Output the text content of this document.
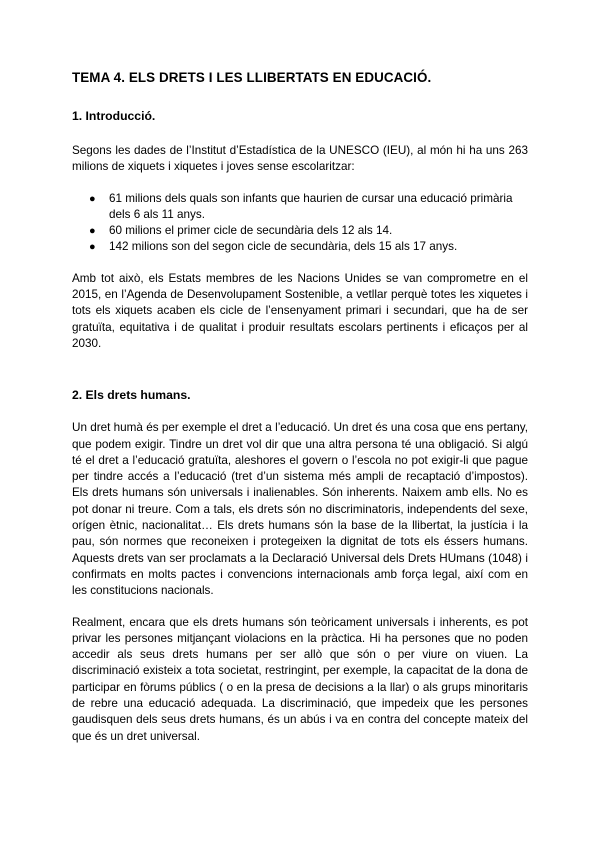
TEMA 4. ELS DRETS I LES LLIBERTATS EN EDUCACIÓ.
1. Introducció.

Segons les dades de l’Institut d’Estadística de la UNESCO (IEU), al món hi ha uns 263 milions de xiquets i xiquetes i joves sense escolaritzar:

● 61 milions dels quals son infants que haurien de cursar una educació primària dels 6 als 11 anys.
● 60 milions el primer cicle de secundària dels 12 als 14.
● 142 milions son del segon cicle de secundària, dels 15 als 17 anys.

Amb tot això, els Estats membres de les Nacions Unides se van comprometre en el 2015, en l’Agenda de Desenvolupament Sostenible, a vetllar perquè totes les xiquetes i tots els xiquets acaben els cicle de l’ensenyament primari i secundari, que ha de ser gratuïta, equitativa i de qualitat i produir resultats escolars pertinents i eficaços per al 2030.

2. Els drets humans.

Un dret humà és per exemple el dret a l’educació. Un dret és una cosa que ens pertany, que podem exigir. Tindre un dret vol dir que una altra persona té una obligació. Si algú té el dret a l’educació gratuïta, aleshores el govern o l’escola no pot exigir-li que pague per tindre accés a l’educació (tret d’un sistema més ampli de recaptació d’impostos). Els drets humans són universals i inalienables. Són inherents. Naixem amb ells. No es pot donar ni treure. Com a tals, els drets són no discriminatoris, independents del sexe, orígen ètnic, nacionalitat… Els drets humans són la base de la llibertat, la justícia i la pau, són normes que reconeixen i protegeixen la dignitat de tots els éssers humans. Aquests drets van ser proclamats a la Declaració Universal dels Drets HUmans (1048) i confirmats en molts pactes i convencions internacionals amb força legal, així com en les constitucions nacionals.

Realment, encara que els drets humans són teòricament universals i inherents, es pot privar les persones mitjançant violacions en la pràctica. Hi ha persones que no poden accedir als seus drets humans per ser allò que són o per viure on viuen. La discriminació existeix a tota societat, restringint, per exemple, la capacitat de la dona de participar en fòrums públics ( o en la presa de decisions a la llar) o als grups minoritaris de rebre una educació adequada. La discriminació, que impedeix que les persones gaudisquen dels seus drets humans, és un abús i va en contra del concepte mateix del que és un dret universal.
